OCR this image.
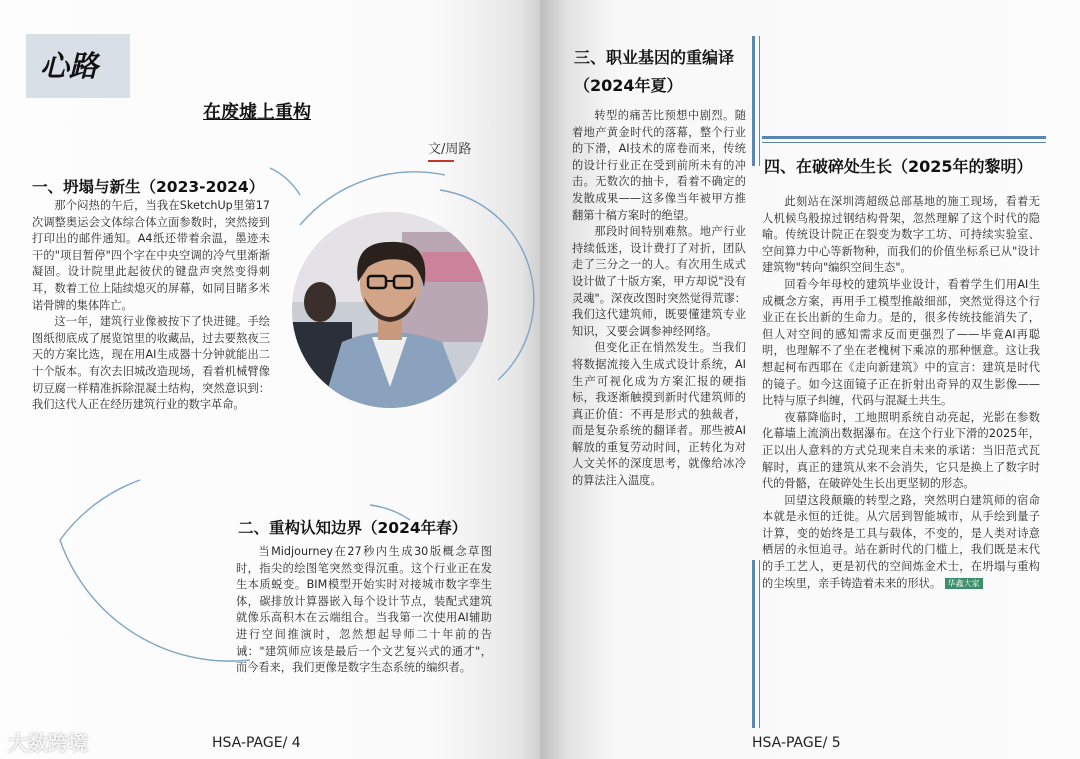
心路
在废墟上重构
文/周路
一、坍塌与新生（2023-2024）

那个闷热的午后，当我在SketchUp里第17次调整奥运会文体综合体立面参数时，突然接到打印出的邮件通知。A4纸还带着余温，墨迹未干的"项目暂停"四个字在中央空调的冷气里渐渐凝固。设计院里此起彼伏的键盘声突然变得刺耳，数着工位上陆续熄灭的屏幕，如同目睹多米诺骨牌的集体阵亡。

这一年，建筑行业像被按下了快进键。手绘图纸彻底成了展览馆里的收藏品，过去要熬夜三天的方案比选，现在用AI生成器十分钟就能出二十个版本。有次去旧城改造现场，看着机械臂像切豆腐一样精准拆除混凝土结构，突然意识到：我们这代人正在经历建筑行业的数字革命。

二、重构认知边界（2024年春）

当Midjourney在27秒内生成30版概念草图时，指尖的绘图笔突然变得沉重。这个行业正在发生本质蜕变。BIM模型开始实时对接城市数字孪生体，碳排放计算器嵌入每个设计节点，装配式建筑就像乐高积木在云端组合。当我第一次使用AI辅助进行空间推演时，忽然想起导师二十年前的告诫："建筑师应该是最后一个文艺复兴式的通才"，而今看来，我们更像是数字生态系统的编织者。

大数跨境	HSA-PAGE/ 4
三、职业基因的重编译（2024年夏）

转型的痛苦比预想中剧烈。随着地产黄金时代的落幕，整个行业的下滑，AI技术的席卷而来，传统的设计行业正在受到前所未有的冲击。无数次的抽卡，看着不确定的发散成果——这多像当年被甲方推翻第十稿方案时的绝望。

那段时间特别难熬。地产行业持续低迷，设计费打了对折，团队走了三分之一的人。有次用生成式设计做了十版方案，甲方却说"没有灵魂"。深夜改图时突然觉得荒谬：我们这代建筑师，既要懂建筑专业知识，又要会调参神经网络。

但变化正在悄然发生。当我们将数据流接入生成式设计系统，AI生产可视化成为方案汇报的硬指标，我逐渐触摸到新时代建筑师的真正价值：不再是形式的独裁者，而是复杂系统的翻译者。那些被AI解放的重复劳动时间，正转化为对人文关怀的深度思考，就像给冰冷的算法注入温度。

四、在破碎处生长（2025年的黎明）

此刻站在深圳湾超级总部基地的施工现场，看着无人机候鸟般掠过钢结构骨架，忽然理解了这个时代的隐喻。传统设计院正在裂变为数字工坊、可持续实验室、空间算力中心等新物种，而我们的价值坐标系已从"设计建筑物"转向"编织空间生态"。

回看今年母校的建筑毕业设计，看着学生们用AI生成概念方案，再用手工模型推敲细部，突然觉得这个行业正在长出新的生命力。是的，很多传统技能消失了，但人对空间的感知需求反而更强烈了——毕竟AI再聪明，也理解不了坐在老槐树下乘凉的那种惬意。这让我想起柯布西耶在《走向新建筑》中的宣言：建筑是时代的镜子。如今这面镜子正在折射出奇异的双生影像——比特与原子纠缠，代码与混凝土共生。

夜幕降临时，工地照明系统自动亮起，光影在参数化幕墙上流淌出数据瀑布。在这个行业下滑的2025年，正以出人意料的方式兑现来自未来的承诺：当旧范式瓦解时，真正的建筑从来不会消失，它只是换上了数字时代的骨骼，在破碎处生长出更坚韧的形态。

回望这段颠簸的转型之路，突然明白建筑师的宿命本就是永恒的迁徙。从穴居到智能城市，从手绘到量子计算，变的始终是工具与载体，不变的，是人类对诗意栖居的永恒追寻。站在新时代的门槛上，我们既是末代的手工艺人，更是初代的空间炼金术士，在坍塌与重构的尘埃里，亲手铸造着未来的形状。 华鑫大家

HSA-PAGE/ 5
